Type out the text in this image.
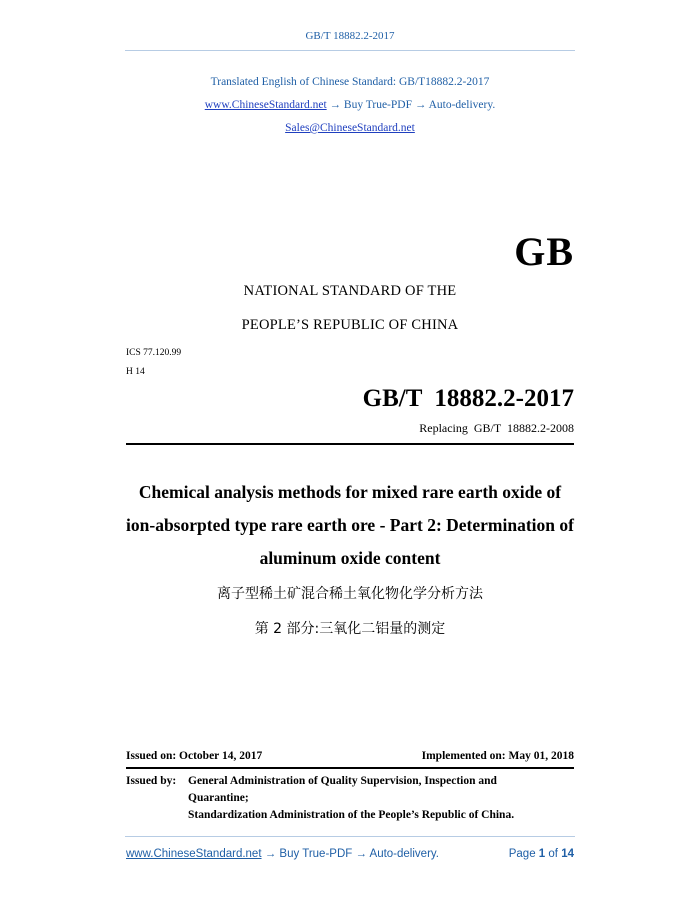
GB/T 18882.2-2017
Translated English of Chinese Standard: GB/T18882.2-2017
www.ChineseStandard.net → Buy True-PDF → Auto-delivery.
Sales@ChineseStandard.net
GB
NATIONAL STANDARD OF THE
PEOPLE’S REPUBLIC OF CHINA
ICS 77.120.99
H 14
GB/T  18882.2-2017
Replacing  GB/T  18882.2-2008
Chemical analysis methods for mixed rare earth oxide of
ion-absorpted type rare earth ore - Part 2: Determination of
aluminum oxide content
离子型稀土矿混合稀土氧化物化学分析方法
第 2 部分:三氧化二铝量的测定
Issued on: October 14, 2017	Implemented on: May 01, 2018
Issued by: General Administration of Quality Supervision, Inspection and
Quarantine;
Standardization Administration of the People’s Republic of China.
www.ChineseStandard.net → Buy True-PDF → Auto-delivery.	Page 1 of 14
